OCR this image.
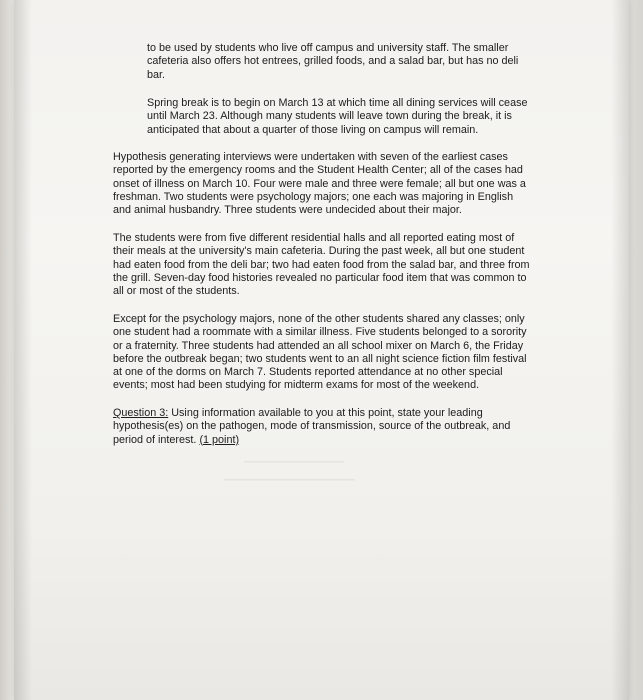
▁▁▁▁▁▁▁▁▁▁▁▁▁
▁▁▁▁▁▁▁▁▁▁▁▁▁▁▁▁▁
to be used by students who live off campus and university staff. The smaller
cafeteria also offers hot entrees, grilled foods, and a salad bar, but has no deli
bar.
Spring break is to begin on March 13 at which time all dining services will cease
until March 23. Although many students will leave town during the break, it is
anticipated that about a quarter of those living on campus will remain.
Hypothesis generating interviews were undertaken with seven of the earliest cases
reported by the emergency rooms and the Student Health Center; all of the cases had
onset of illness on March 10. Four were male and three were female; all but one was a
freshman. Two students were psychology majors; one each was majoring in English
and animal husbandry. Three students were undecided about their major.
The students were from five different residential halls and all reported eating most of
their meals at the university's main cafeteria. During the past week, all but one student
had eaten food from the deli bar; two had eaten food from the salad bar, and three from
the grill. Seven-day food histories revealed no particular food item that was common to
all or most of the students.
Except for the psychology majors, none of the other students shared any classes; only
one student had a roommate with a similar illness. Five students belonged to a sorority
or a fraternity. Three students had attended an all school mixer on March 6, the Friday
before the outbreak began; two students went to an all night science fiction film festival
at one of the dorms on March 7. Students reported attendance at no other special
events; most had been studying for midterm exams for most of the weekend.
Question 3: Using information available to you at this point, state your leading
hypothesis(es) on the pathogen, mode of transmission, source of the outbreak, and
period of interest. (1 point)
